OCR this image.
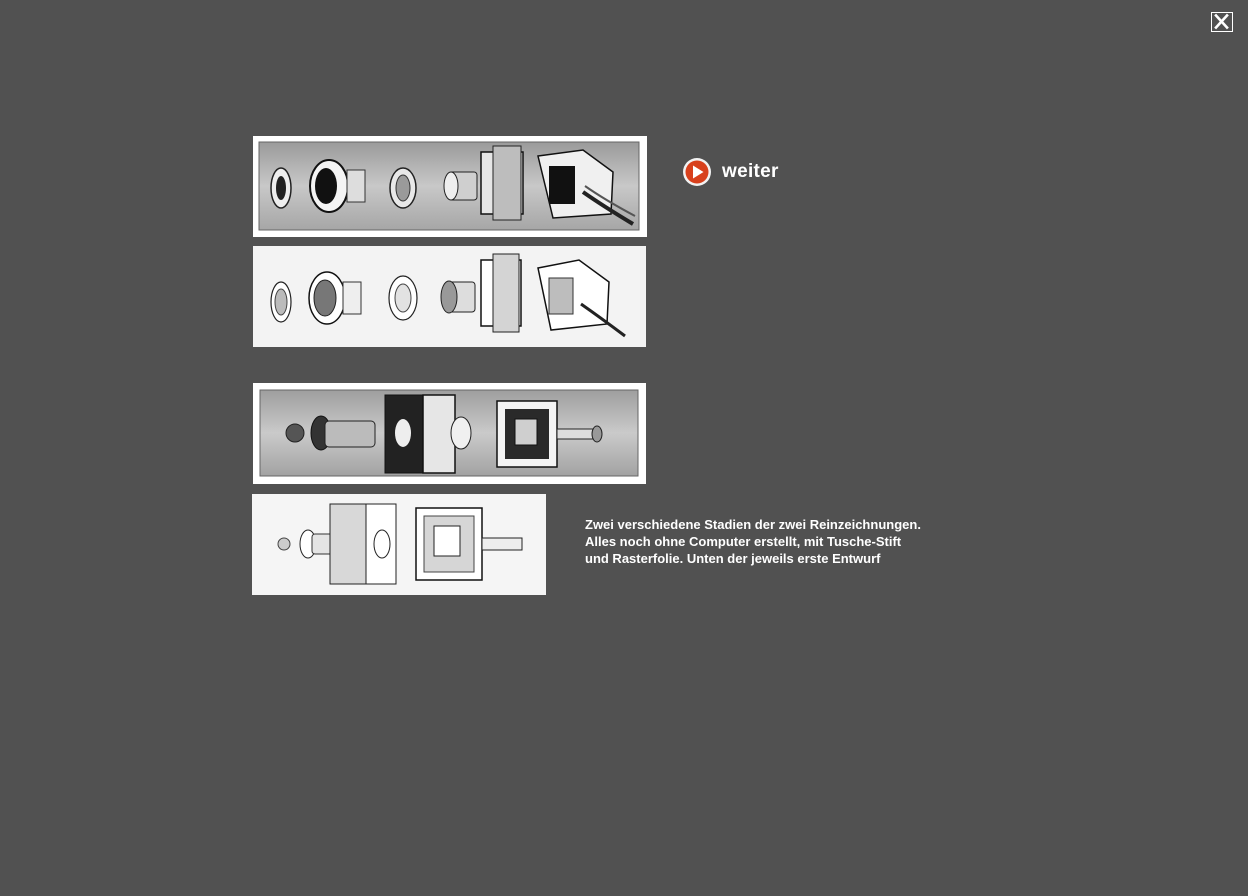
weiter
Zwei verschiedene Stadien der zwei Reinzeichnungen.
Alles noch ohne Computer erstellt, mit Tusche-Stift
und Rasterfolie. Unten der jeweils erste Entwurf
